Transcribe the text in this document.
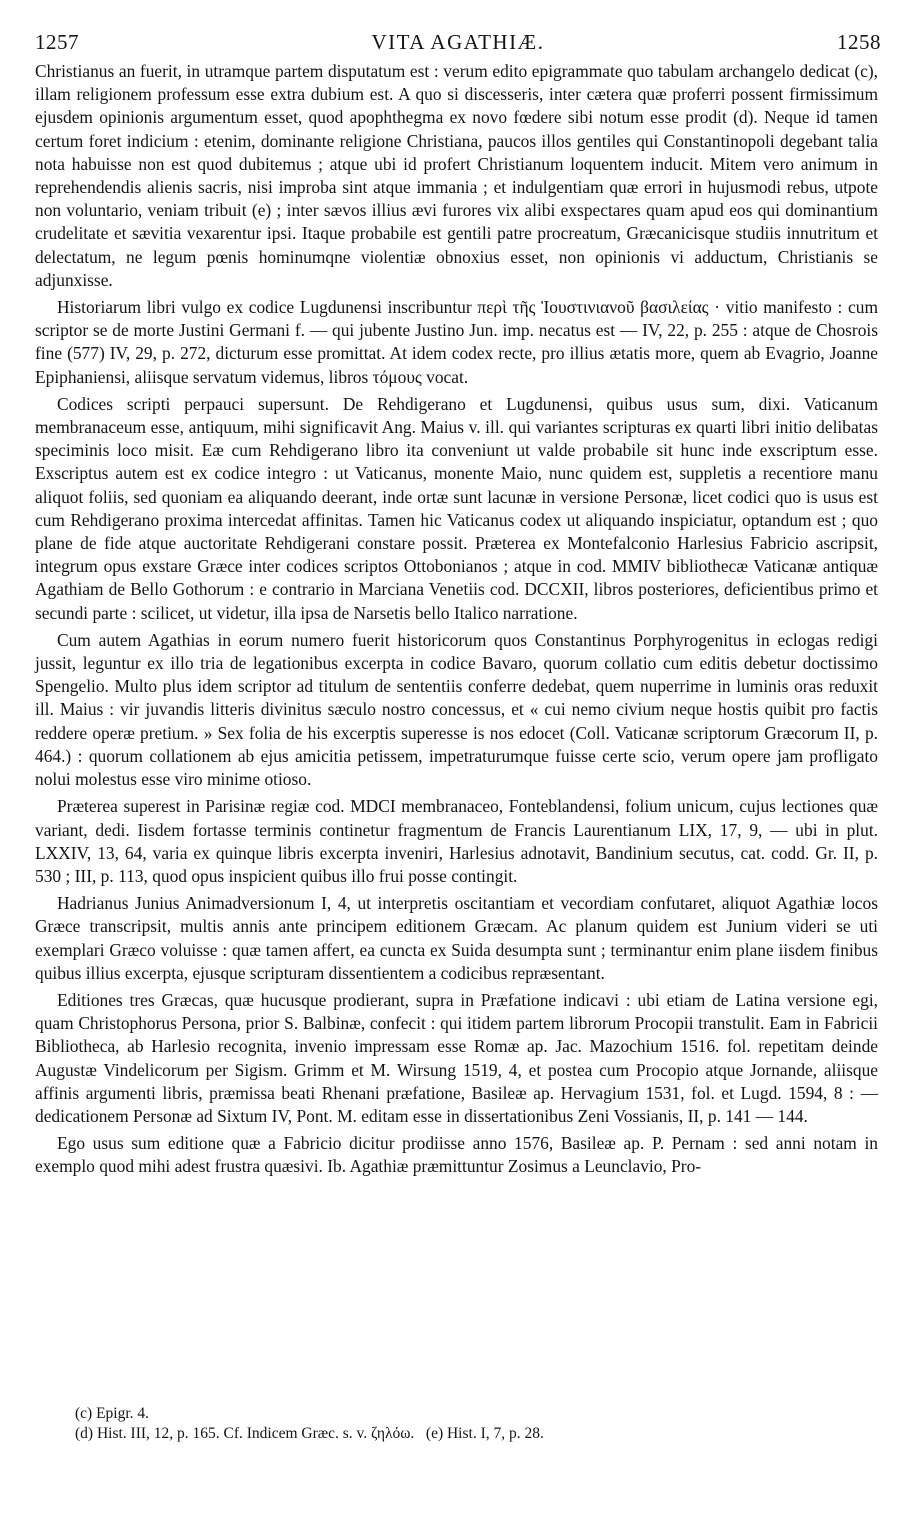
1257	VITA AGATHIÆ.	1258

Christianus an fuerit, in utramque partem disputatum est : verum edito epigrammate quo tabulam archangelo dedicat (c), illam religionem professum esse extra dubium est. A quo si discesseris, inter cætera quæ proferri possent firmissimum ejusdem opinionis argumentum esset, quod apophthegma ex novo fœdere sibi notum esse prodit (d). Neque id tamen certum foret indicium : etenim, dominante religione Christiana, paucos illos gentiles qui Constantinopoli degebant talia nota habuisse non est quod dubitemus ; atque ubi id profert Christianum loquentem inducit. Mitem vero animum in reprehendendis alienis sacris, nisi improba sint atque immania ; et indulgentiam quæ errori in hujusmodi rebus, utpote non voluntario, veniam tribuit (e) ; inter sævos illius ævi furores vix alibi exspectares quam apud eos qui dominantium crudelitate et sævitia vexarentur ipsi. Itaque probabile est gentili patre procreatum, Græcanicisque studiis innutritum et delectatum, ne legum pœnis hominumqne violentiæ obnoxius esset, non opinionis vi adductum, Christianis se adjunxisse.

Historiarum libri vulgo ex codice Lugdunensi inscribuntur περὶ τῆς Ἰουστινιανοῦ βασιλείας · vitio manifesto : cum scriptor se de morte Justini Germani f. — qui jubente Justino Jun. imp. necatus est — IV, 22, p. 255 : atque de Chosrois fine (577) IV, 29, p. 272, dicturum esse promittat. At idem codex recte, pro illius ætatis more, quem ab Evagrio, Joanne Epiphaniensi, aliisque servatum videmus, libros τόμους vocat.

Codices scripti perpauci supersunt. De Rehdigerano et Lugdunensi, quibus usus sum, dixi. Vaticanum membranaceum esse, antiquum, mihi significavit Ang. Maius v. ill. qui variantes scripturas ex quarti libri initio delibatas speciminis loco misit. Eæ cum Rehdigerano libro ita conveniunt ut valde probabile sit hunc inde exscriptum esse. Exscriptus autem est ex codice integro : ut Vaticanus, monente Maio, nunc quidem est, suppletis a recentiore manu aliquot foliis, sed quoniam ea aliquando deerant, inde ortæ sunt lacunæ in versione Personæ, licet codici quo is usus est cum Rehdigerano proxima intercedat affinitas. Tamen hic Vaticanus codex ut aliquando inspiciatur, optandum est ; quo plane de fide atque auctoritate Rehdigerani constare possit. Præterea ex Montefalconio Harlesius Fabricio ascripsit, integrum opus exstare Græce inter codices scriptos Ottobonianos ; atque in cod. MMIV bibliothecæ Vaticanæ antiquæ Agathiam de Bello Gothorum : e contrario in Marciana Venetiis cod. DCCXII, libros posteriores, deficientibus primo et secundi parte : scilicet, ut videtur, illa ipsa de Narsetis bello Italico narratione.

Cum autem Agathias in eorum numero fuerit historicorum quos Constantinus Porphyrogenitus in eclogas redigi jussit, leguntur ex illo tria de legationibus excerpta in codice Bavaro, quorum collatio cum editis debetur doctissimo Spengelio. Multo plus idem scriptor ad titulum de sententiis conferre dedebat, quem nuperrime in luminis oras reduxit ill. Maius : vir juvandis litteris divinitus sæculo nostro concessus, et « cui nemo civium neque hostis quibit pro factis reddere operæ pretium. » Sex folia de his excerptis superesse is nos edocet (Coll. Vaticanæ scriptorum Græcorum II, p. 464.) : quorum collationem ab ejus amicitia petissem, impetraturumque fuisse certe scio, verum opere jam profligato nolui molestus esse viro minime otioso.

Præterea superest in Parisinæ regiæ cod. MDCI membranaceo, Fonteblandensi, folium unicum, cujus lectiones quæ variant, dedi. Iisdem fortasse terminis continetur fragmentum de Francis Laurentianum LIX, 17, 9, — ubi in plut. LXXIV, 13, 64, varia ex quinque libris excerpta inveniri, Harlesius adnotavit, Bandinium secutus, cat. codd. Gr. II, p. 530 ; III, p. 113, quod opus inspicient quibus illo frui posse contingit.

Hadrianus Junius Animadversionum I, 4, ut interpretis oscitantiam et vecordiam confutaret, aliquot Agathiæ locos Græce transcripsit, multis annis ante principem editionem Græcam. Ac planum quidem est Junium videri se uti exemplari Græco voluisse : quæ tamen affert, ea cuncta ex Suida desumpta sunt ; terminantur enim plane iisdem finibus quibus illius excerpta, ejusque scripturam dissentientem a codicibus repræsentant.

Editiones tres Græcas, quæ hucusque prodierant, supra in Præfatione indicavi : ubi etiam de Latina versione egi, quam Christophorus Persona, prior S. Balbinæ, confecit : qui itidem partem librorum Procopii transtulit. Eam in Fabricii Bibliotheca, ab Harlesio recognita, invenio impressam esse Romæ ap. Jac. Mazochium 1516. fol. repetitam deinde Augustæ Vindelicorum per Sigism. Grimm et M. Wirsung 1519, 4, et postea cum Procopio atque Jornande, aliisque affinis argumenti libris, præmissa beati Rhenani præfatione, Basileæ ap. Hervagium 1531, fol. et Lugd. 1594, 8 : — dedicationem Personæ ad Sixtum IV, Pont. M. editam esse in dissertationibus Zeni Vossianis, II, p. 141 — 144.

Ego usus sum editione quæ a Fabricio dicitur prodiisse anno 1576, Basileæ ap. P. Pernam : sed anni notam in exemplo quod mihi adest frustra quæsivi. Ib. Agathiæ præmittuntur Zosimus a Leunclavio, Pro-

(c) Epigr. 4.
(d) Hist. III, 12, p. 165. Cf. Indicem Græc. s. v. ζηλόω.   (e) Hist. I, 7, p. 28.
